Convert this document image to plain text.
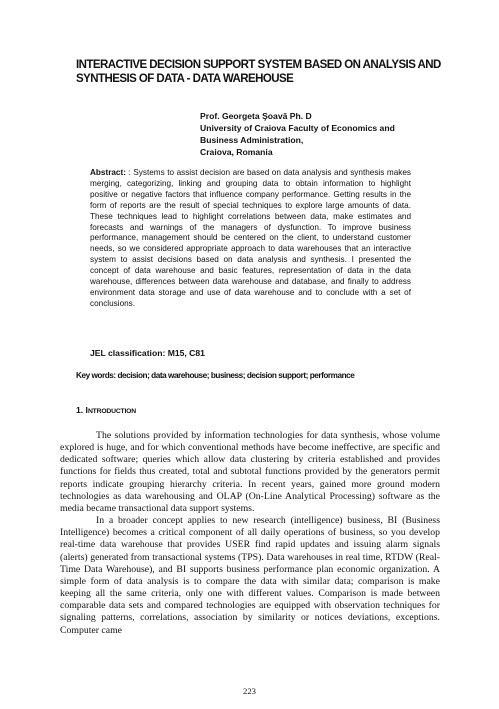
INTERACTIVE DECISION SUPPORT SYSTEM BASED ON ANALYSIS AND
SYNTHESIS OF DATA - DATA WAREHOUSE
Prof. Georgeta Şoavă Ph. D
University of Craiova Faculty of Economics and
Business Administration,
Craiova, Romania

Abstract: : Systems to assist decision are based on data analysis and synthesis makes merging, categorizing, linking and grouping data to obtain information to highlight positive or negative factors that influence company performance. Getting results in the form of reports are the result of special techniques to explore large amounts of data. These techniques lead to highlight correlations between data, make estimates and forecasts and warnings of the managers of dysfunction. To improve business performance, management should be centered on the client, to understand customer needs, so we considered appropriate approach to data warehouses that an interactive system to assist decisions based on data analysis and synthesis. I presented the concept of data warehouse and basic features, representation of data in the data warehouse, differences between data warehouse and database, and finally to address environment data storage and use of data warehouse and to conclude with a set of conclusions.

JEL classification: M15, C81
Key words: decision; data warehouse; business; decision support; performance
1. INTRODUCTION

The solutions provided by information technologies for data synthesis, whose volume explored is huge, and for which conventional methods have become ineffective, are specific and dedicated software; queries which allow data clustering by criteria established and provides functions for fields thus created, total and subtotal functions provided by the generators permit reports indicate grouping hierarchy criteria. In recent years, gained more ground modern technologies as data warehousing and OLAP (On-Line Analytical Processing) software as the media became transactional data support systems.

In a broader concept applies to new research (intelligence) business, BI (Business Intelligence) becomes a critical component of all daily operations of business, so you develop real-time data warehouse that provides USER find rapid updates and issuing alarm signals (alerts) generated from transactional systems (TPS). Data warehouses in real time, RTDW (Real-Time Data Warehouse), and BI supports business performance plan economic organization. A simple form of data analysis is to compare the data with similar data; comparison is make keeping all the same criteria, only one with different values. Comparison is made between comparable data sets and compared technologies are equipped with observation techniques for signaling patterns, correlations, association by similarity or notices deviations, exceptions. Computer came

223
